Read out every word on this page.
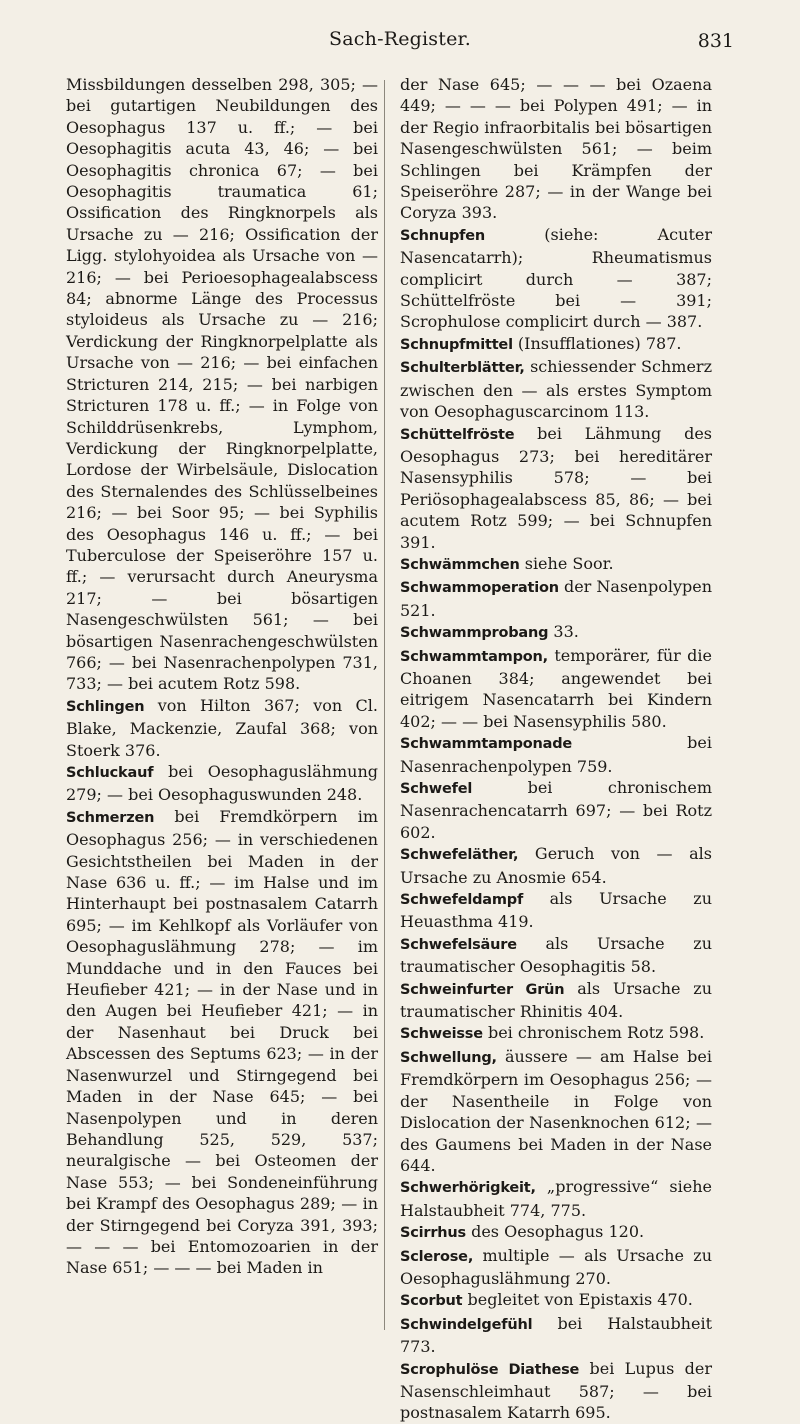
Sach-Register.	831

Missbildungen desselben 298, 305; — bei gutartigen Neubildungen des Oesophagus 137 u. ff.; — bei Oesophagitis acuta 43, 46; — bei Oesophagitis chronica 67; — bei Oesophagitis traumatica 61; Ossification des Ringknorpels als Ursache zu — 216; Ossification der Ligg. stylohyoidea als Ursache von — 216; — bei Perioesophagealabscess 84; abnorme Länge des Processus styloideus als Ursache zu — 216; Verdickung der Ringknorpelplatte als Ursache von — 216; — bei einfachen Stricturen 214, 215; — bei narbigen Stricturen 178 u. ff.; — in Folge von Schilddrüsenkrebs, Lymphom, Verdickung der Ringknorpelplatte, Lordose der Wirbelsäule, Dislocation des Sternalendes des Schlüsselbeines 216; — bei Soor 95; — bei Syphilis des Oesophagus 146 u. ff.; — bei Tuberculose der Speiseröhre 157 u. ff.; — verursacht durch Aneurysma 217; — bei bösartigen Nasengeschwülsten 561; — bei bösartigen Nasenrachengeschwülsten 766; — bei Nasenrachenpolypen 731, 733; — bei acutem Rotz 598.

Schlingen von Hilton 367; von Cl. Blake, Mackenzie, Zaufal 368; von Stoerk 376.

Schluckauf bei Oesophaguslähmung 279; — bei Oesophaguswunden 248.

Schmerzen bei Fremdkörpern im Oesophagus 256; — in verschiedenen Gesichtstheilen bei Maden in der Nase 636 u. ff.; — im Halse und im Hinterhaupt bei postnasalem Catarrh 695; — im Kehlkopf als Vorläufer von Oesophaguslähmung 278; — im Munddache und in den Fauces bei Heufieber 421; — in der Nase und in den Augen bei Heufieber 421; — in der Nasenhaut bei Druck bei Abscessen des Septums 623; — in der Nasenwurzel und Stirngegend bei Maden in der Nase 645; — bei Nasenpolypen und in deren Behandlung 525, 529, 537; neuralgische — bei Osteomen der Nase 553; — bei Sondeneinführung bei Krampf des Oesophagus 289; — in der Stirngegend bei Coryza 391, 393; — — — bei Entomozoarien in der Nase 651; — — — bei Maden in

der Nase 645; — — — bei Ozaena 449; — — — bei Polypen 491; — in der Regio infraorbitalis bei bösartigen Nasengeschwülsten 561; — beim Schlingen bei Krämpfen der Speiseröhre 287; — in der Wange bei Coryza 393.

Schnupfen (siehe: Acuter Nasencatarrh); Rheumatismus complicirt durch — 387; Schüttelfröste bei — 391; Scrophulose complicirt durch — 387.

Schnupfmittel (Insufflationes) 787.

Schulterblätter, schiessender Schmerz zwischen den — als erstes Symptom von Oesophaguscarcinom 113.

Schüttelfröste bei Lähmung des Oesophagus 273; bei hereditärer Nasensyphilis 578; — bei Periösophagealabscess 85, 86; — bei acutem Rotz 599; — bei Schnupfen 391.

Schwämmchen siehe Soor.

Schwammoperation der Nasenpolypen 521.

Schwammprobang 33.

Schwammtampon, temporärer, für die Choanen 384; angewendet bei eitrigem Nasencatarrh bei Kindern 402; — — bei Nasensyphilis 580.

Schwammtamponade bei Nasenrachenpolypen 759.

Schwefel bei chronischem Nasenrachencatarrh 697; — bei Rotz 602.

Schwefeläther, Geruch von — als Ursache zu Anosmie 654.

Schwefeldampf als Ursache zu Heuasthma 419.

Schwefelsäure als Ursache zu traumatischer Oesophagitis 58.

Schweinfurter Grün als Ursache zu traumatischer Rhinitis 404.

Schweisse bei chronischem Rotz 598.

Schwellung, äussere — am Halse bei Fremdkörpern im Oesophagus 256; — der Nasentheile in Folge von Dislocation der Nasenknochen 612; — des Gaumens bei Maden in der Nase 644.

Schwerhörigkeit, „progressive“ siehe Halstaubheit 774, 775.

Scirrhus des Oesophagus 120.

Sclerose, multiple — als Ursache zu Oesophaguslähmung 270.

Scorbut begleitet von Epistaxis 470.

Schwindelgefühl bei Halstaubheit 773.

Scrophulöse Diathese bei Lupus der Nasenschleimhaut 587; — bei postnasalem Katarrh 695.
